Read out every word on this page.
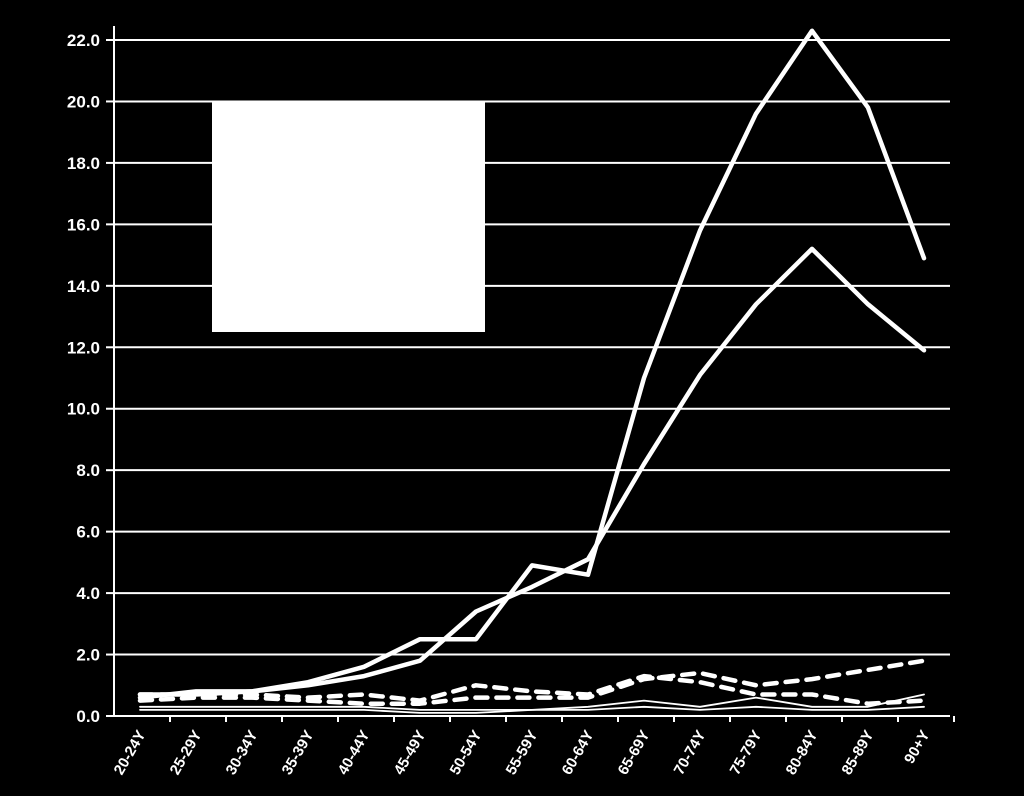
0.0
2.0
4.0
6.0
8.0
10.0
12.0
14.0
16.0
18.0
20.0
22.0
20-24Y 25-29Y 30-34Y 35-39Y 40-44Y 45-49Y 50-54Y 55-59Y 60-64Y 65-69Y 70-74Y 75-79Y 80-84Y 85-89Y 90+Y
